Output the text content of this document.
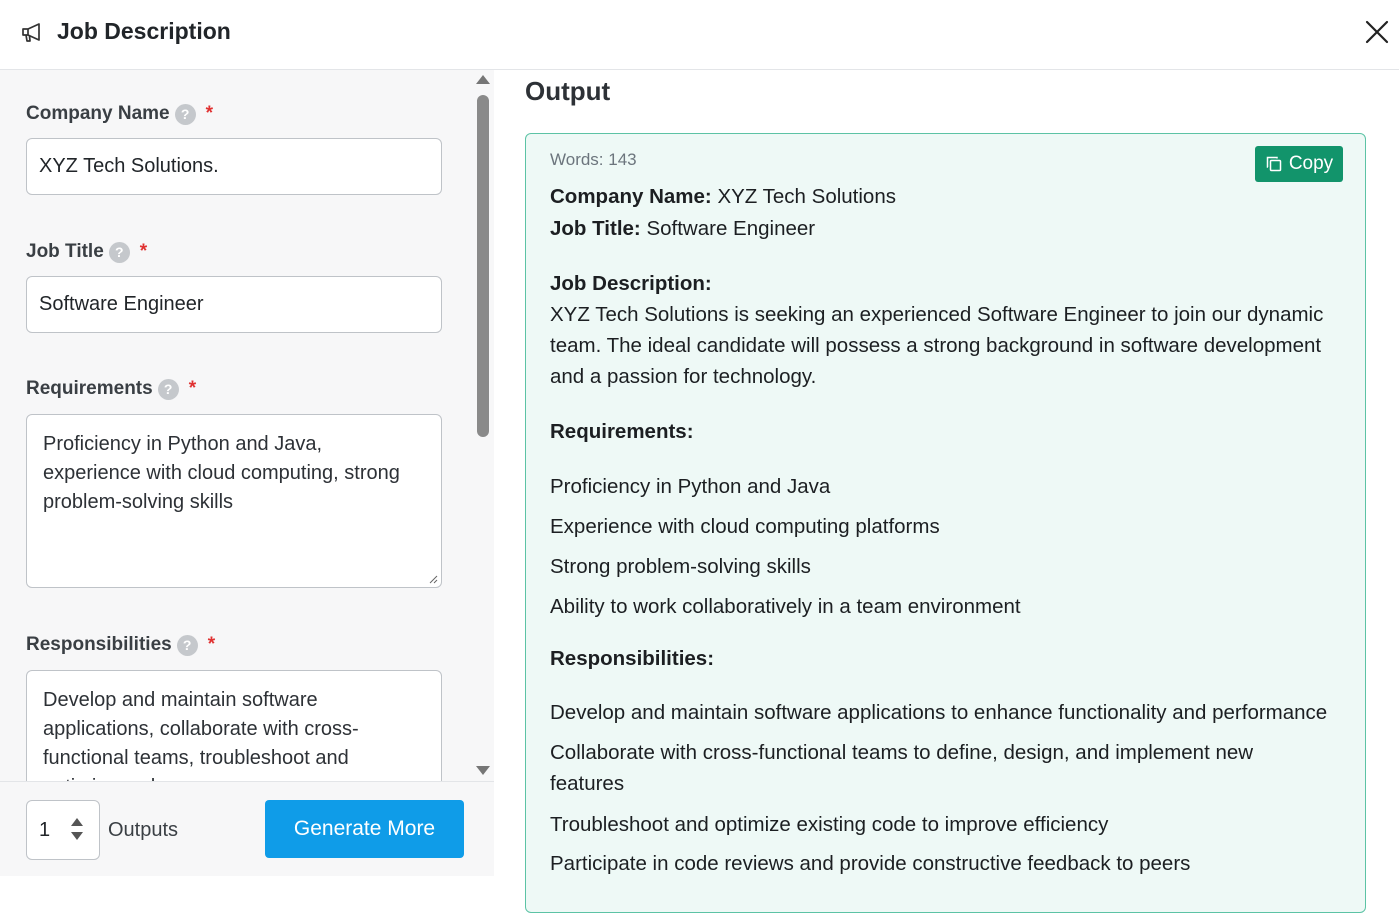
Job Description
Company Name ? *
XYZ Tech Solutions.
Job Title ? *
Software Engineer
Requirements ? *
Proficiency in Python and Java,
experience with cloud computing, strong
problem-solving skills
Responsibilities ? *
Develop and maintain software
applications, collaborate with cross-
functional teams, troubleshoot and
1	Outputs	Generate More
Output
Words: 143	Copy
Company Name: XYZ Tech Solutions
Job Title: Software Engineer
Job Description:
XYZ Tech Solutions is seeking an experienced Software Engineer to join our dynamic
team. The ideal candidate will possess a strong background in software development
and a passion for technology.
Requirements:
Proficiency in Python and Java
Experience with cloud computing platforms
Strong problem-solving skills
Ability to work collaboratively in a team environment
Responsibilities:
Develop and maintain software applications to enhance functionality and performance
Collaborate with cross-functional teams to define, design, and implement new
features
Troubleshoot and optimize existing code to improve efficiency
Participate in code reviews and provide constructive feedback to peers
